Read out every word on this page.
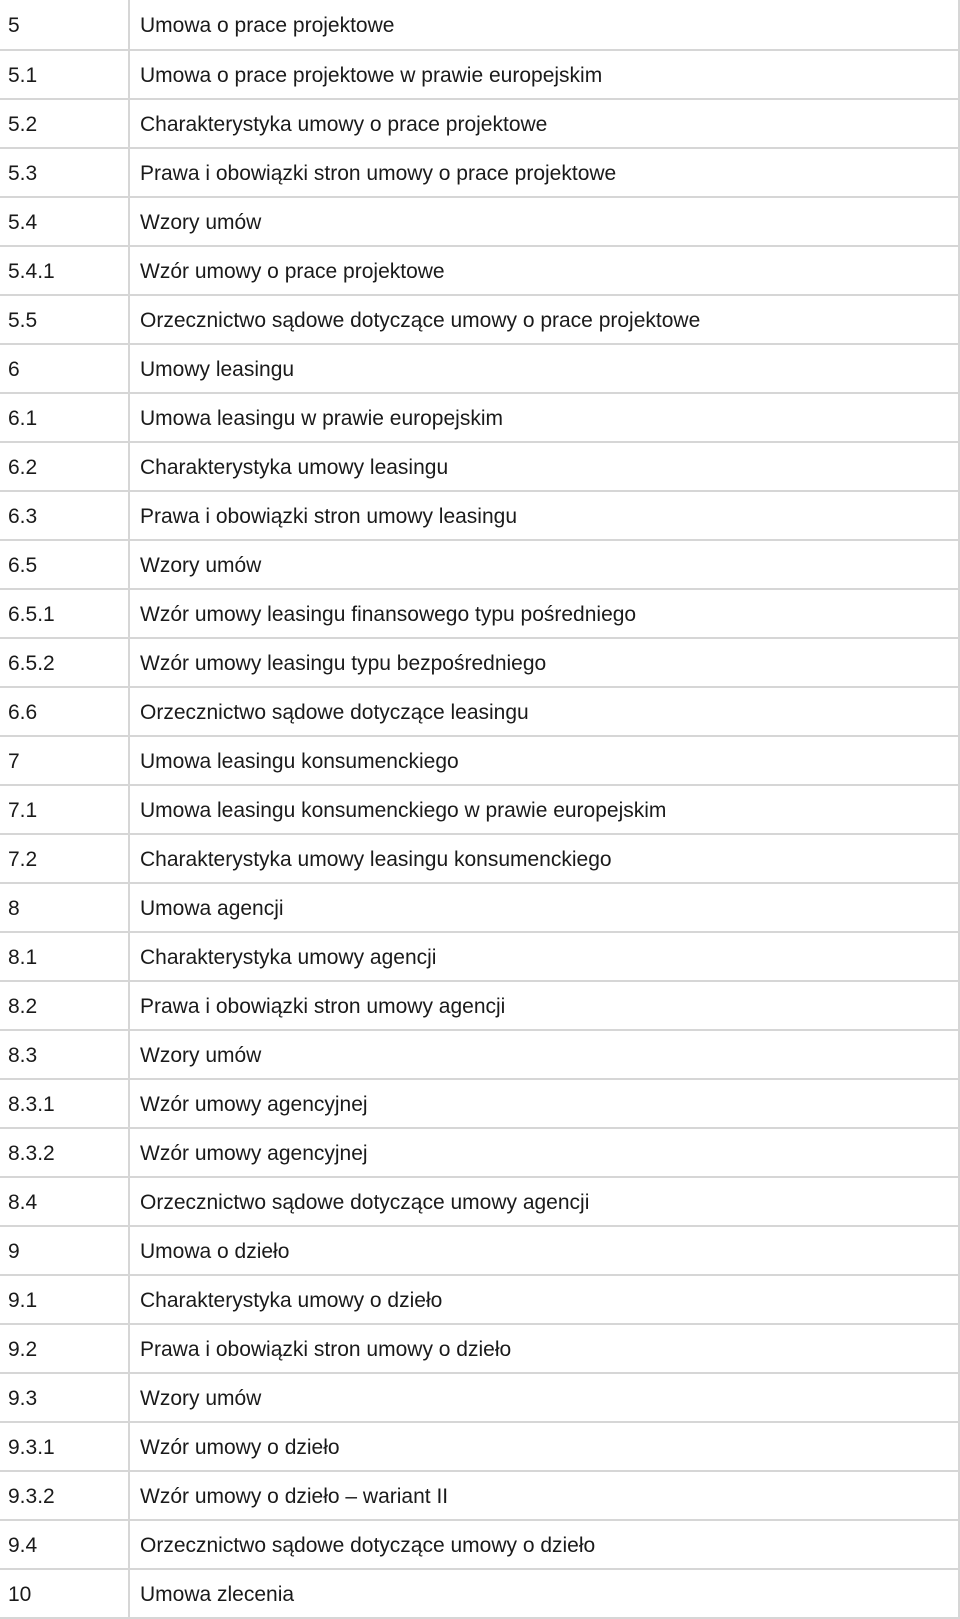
5	Umowa o prace projektowe
5.1	Umowa o prace projektowe w prawie europejskim
5.2	Charakterystyka umowy o prace projektowe
5.3	Prawa i obowiązki stron umowy o prace projektowe
5.4	Wzory umów
5.4.1	Wzór umowy o prace projektowe
5.5	Orzecznictwo sądowe dotyczące umowy o prace projektowe
6	Umowy leasingu
6.1	Umowa leasingu w prawie europejskim
6.2	Charakterystyka umowy leasingu
6.3	Prawa i obowiązki stron umowy leasingu
6.5	Wzory umów
6.5.1	Wzór umowy leasingu finansowego typu pośredniego
6.5.2	Wzór umowy leasingu typu bezpośredniego
6.6	Orzecznictwo sądowe dotyczące leasingu
7	Umowa leasingu konsumenckiego
7.1	Umowa leasingu konsumenckiego w prawie europejskim
7.2	Charakterystyka umowy leasingu konsumenckiego
8	Umowa agencji
8.1	Charakterystyka umowy agencji
8.2	Prawa i obowiązki stron umowy agencji
8.3	Wzory umów
8.3.1	Wzór umowy agencyjnej
8.3.2	Wzór umowy agencyjnej
8.4	Orzecznictwo sądowe dotyczące umowy agencji
9	Umowa o dzieło
9.1	Charakterystyka umowy o dzieło
9.2	Prawa i obowiązki stron umowy o dzieło
9.3	Wzory umów
9.3.1	Wzór umowy o dzieło
9.3.2	Wzór umowy o dzieło – wariant II
9.4	Orzecznictwo sądowe dotyczące umowy o dzieło
10	Umowa zlecenia
